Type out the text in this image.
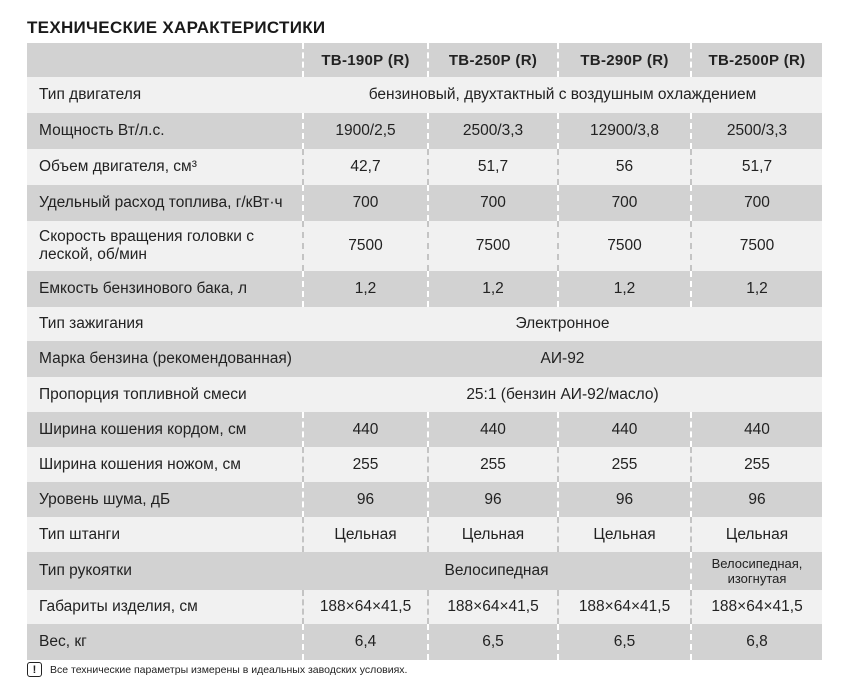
ТЕХНИЧЕСКИЕ ХАРАКТЕРИСТИКИ
	ТВ-190Р (R)	ТВ-250Р (R)	ТВ-290Р (R)	ТВ-2500Р (R)
Тип двигателя	бензиновый, двухтактный с воздушным охлаждением			
Мощность Вт/л.с.	1900/2,5	2500/3,3	12900/3,8	2500/3,3
Объем двигателя, см³	42,7	51,7	56	51,7
Удельный расход топлива, г/кВт·ч	700	700	700	700

Скорость вращения головки с
леской, об/мин	7500	7500	7500	7500
Емкость бензинового бака, л	1,2	1,2	1,2	1,2
Тип зажигания	Электронное			
Марка бензина (рекомендованная)	АИ-92			
Пропорция топливной смеси	25:1 (бензин АИ-92/масло)			
Ширина кошения кордом, см	440	440	440	440
Ширина кошения ножом, см	255	255	255	255
Уровень шума, дБ	96	96	96	96
Тип штанги	Цельная	Цельная	Цельная	Цельная
Тип рукоятки	Велосипедная			Велосипедная,
изогнутая

Габариты изделия, см	188×64×41,5	188×64×41,5	188×64×41,5	188×64×41,5
Вес, кг	6,4	6,5	6,5	6,8
!	Все технические параметры измерены в идеальных заводских условиях.
